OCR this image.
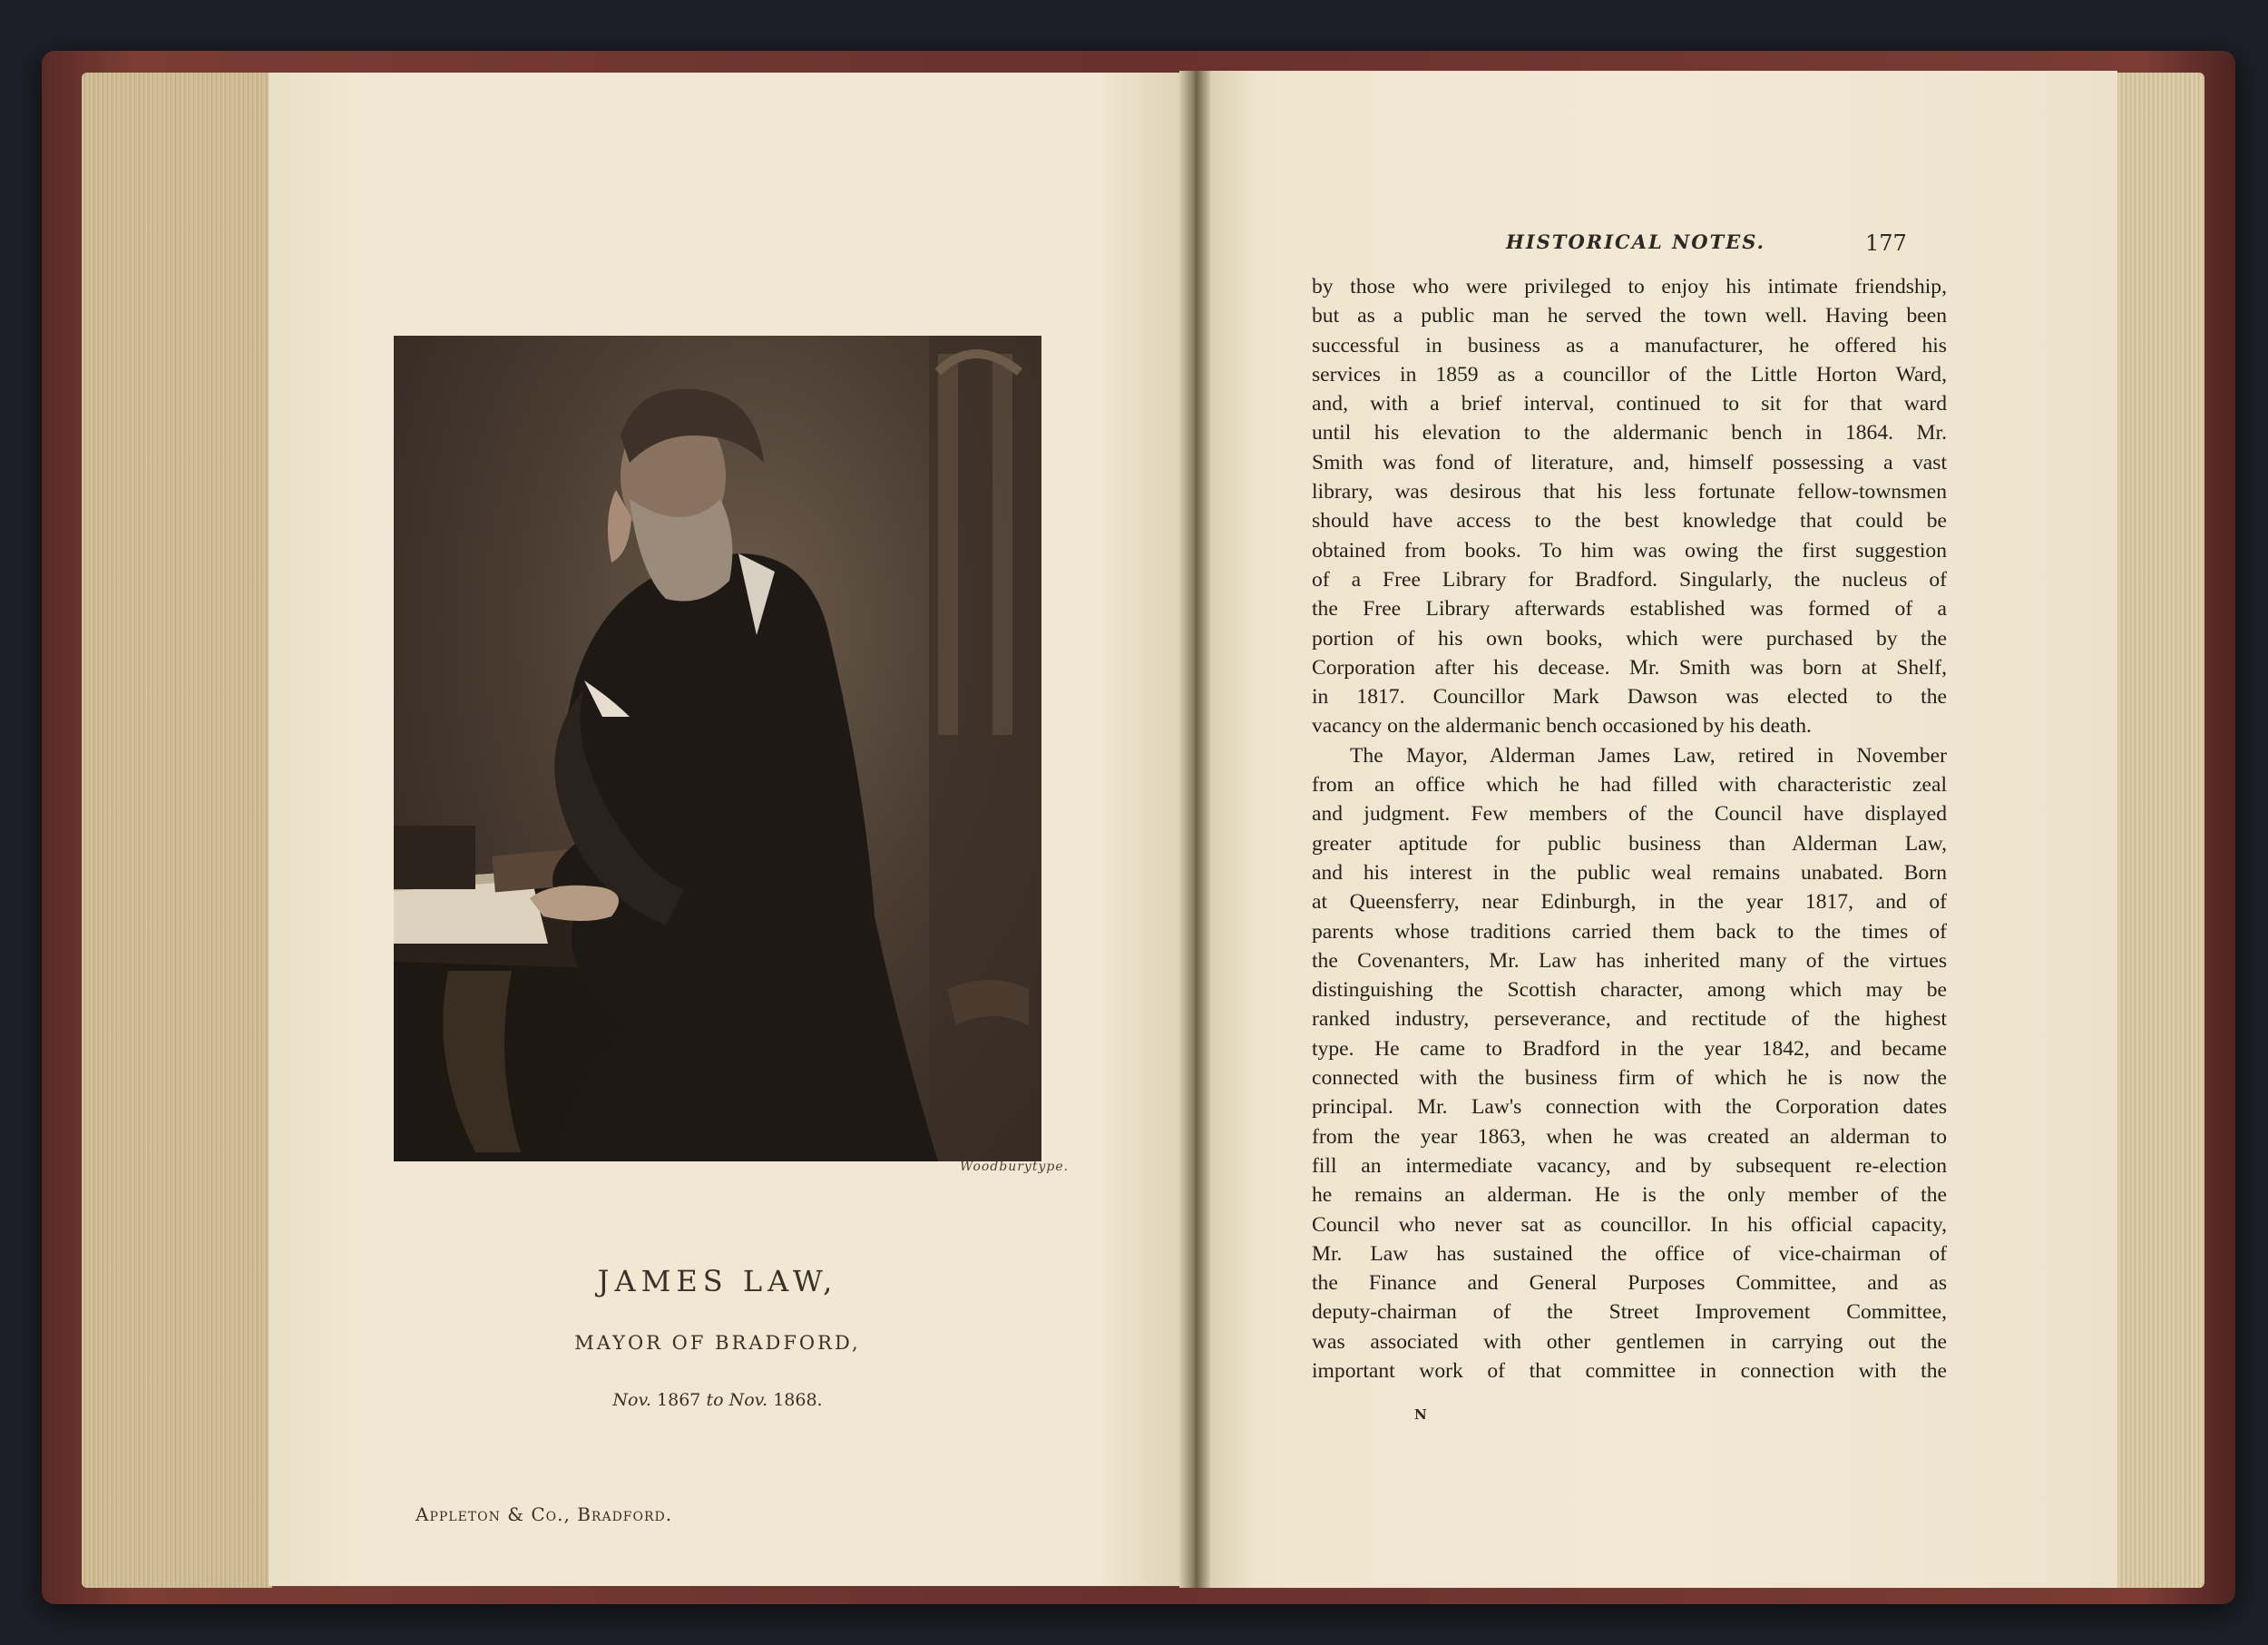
Woodburytype.
JAMES LAW,
MAYOR OF BRADFORD,
Nov. 1867 to Nov. 1868.
Appleton & Co., Bradford.
HISTORICAL NOTES.	177
by those who were privileged to enjoy his intimate friendship,
but as a public man he served the town well. Having been
successful in business as a manufacturer, he offered his
services in 1859 as a councillor of the Little Horton Ward,
and, with a brief interval, continued to sit for that ward
until his elevation to the aldermanic bench in 1864. Mr.
Smith was fond of literature, and, himself possessing a vast
library, was desirous that his less fortunate fellow-townsmen
should have access to the best knowledge that could be
obtained from books. To him was owing the first suggestion
of a Free Library for Bradford. Singularly, the nucleus of
the Free Library afterwards established was formed of a
portion of his own books, which were purchased by the
Corporation after his decease. Mr. Smith was born at Shelf,
in 1817. Councillor Mark Dawson was elected to the
vacancy on the aldermanic bench occasioned by his death.
The Mayor, Alderman James Law, retired in November
from an office which he had filled with characteristic zeal
and judgment. Few members of the Council have displayed
greater aptitude for public business than Alderman Law,
and his interest in the public weal remains unabated. Born
at Queensferry, near Edinburgh, in the year 1817, and of
parents whose traditions carried them back to the times of
the Covenanters, Mr. Law has inherited many of the virtues
distinguishing the Scottish character, among which may be
ranked industry, perseverance, and rectitude of the highest
type. He came to Bradford in the year 1842, and became
connected with the business firm of which he is now the
principal. Mr. Law's connection with the Corporation dates
from the year 1863, when he was created an alderman to
fill an intermediate vacancy, and by subsequent re-election
he remains an alderman. He is the only member of the
Council who never sat as councillor. In his official capacity,
Mr. Law has sustained the office of vice-chairman of
the Finance and General Purposes Committee, and as
deputy-chairman of the Street Improvement Committee,
was associated with other gentlemen in carrying out the
important work of that committee in connection with the
N
